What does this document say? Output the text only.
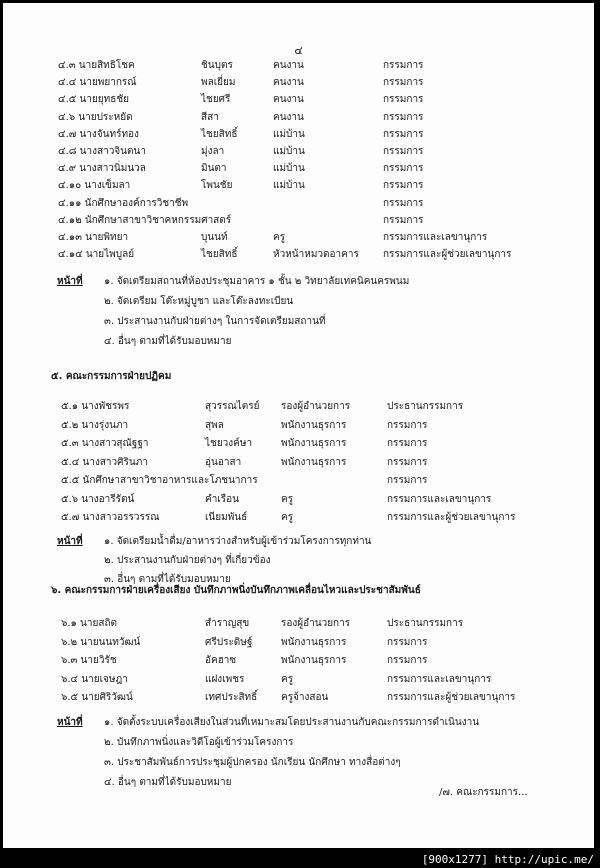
๔
๔.๓ นายสิทธิโชค	ชินบุตร	คนงาน	กรรมการ
๔.๔ นายพยากรณ์	พลเยี่ยม	คนงาน	กรรมการ
๔.๕ นายยุทธชัย	ไชยศรี	คนงาน	กรรมการ
๔.๖ นายประหยัด	สีสา	คนงาน	กรรมการ
๔.๗ นางจันทร์ทอง	ไชยสิทธิ์	แม่บ้าน	กรรมการ
๔.๘ นางสาวจินตนา	มุ่งลา	แม่บ้าน	กรรมการ
๔.๙ นางสาวนิ่มนวล	มินตา	แม่บ้าน	กรรมการ
๔.๑๐ นางเข็มลา	โพนชัย	แม่บ้าน	กรรมการ
๔.๑๑ นักศึกษาองค์การวิชาชีพ	กรรมการ
๔.๑๒ นักศึกษาสาขาวิชาคหกรรมศาสตร์	กรรมการ
๔.๑๓ นายพิทยา	บุนนท์	ครู	กรรมการและเลขานุการ
๔.๑๔ นายไพบูลย์	ไชยสิทธิ์	หัวหน้าหมวดอาคาร กรรมการและผู้ช่วยเลขานุการ
หน้าที่ ๑. จัดเตรียมสถานที่ห้องประชุมอาคาร ๑ ชั้น ๒ วิทยาลัยเทคนิคนครพนม
๒. จัดเตรียม โต๊ะหมู่บูชา และโต๊ะลงทะเบียน
๓. ประสานงานกับฝ่ายต่างๆ ในการจัดเตรียมสถานที่
๔. อื่นๆ ตามที่ได้รับมอบหมาย
๕. คณะกรรมการฝ่ายปฏิคม
๕.๑ นางพัชรพร	สุวรรณไตรย์ รองผู้อำนวยการ	ประธานกรรมการ
๕.๒ นางรุ่งนภา	สุพล	พนักงานธุรการ	กรรมการ
๕.๓ นางสาวสุณัฐฐา	ไชยวงค์ษา	พนักงานธุรการ	กรรมการ
๕.๔ นางสาวศิรินภา	อุ่นอาสา	พนักงานธุรการ	กรรมการ
๕.๕ นักศึกษาสาขาวิชาอาหารและโภชนาการ	กรรมการ
๕.๖ นางอารีรัตน์	คำเรือน	ครู	กรรมการและเลขานุการ
๕.๗ นางสาวอรรวรรณ	เนียมพันธ์	ครู	กรรมการและผู้ช่วยเลขานุการ
หน้าที่ ๑. จัดเตรียมน้ำดื่ม/อาหารว่างสำหรับผู้เข้าร่วมโครงการทุกท่าน
๒. ประสานงานกับฝ่ายต่างๆ ที่เกี่ยวข้อง
๓. อื่นๆ ตามที่ได้รับมอบหมาย
๖. คณะกรรมการฝ่ายเครื่องเสียง บันทึกภาพนิ่งบันทึกภาพเคลื่อนไหวและประชาสัมพันธ์
๖.๑ นายสถิต	สำราญสุข	รองผู้อำนวยการ	ประธานกรรมการ
๖.๒ นายนนทวัฒน์	ศรีประดิษฐ์	พนักงานธุรการ	กรรมการ
๖.๓ นายวิรัช	อัคฮาซ	พนักงานธุรการ	กรรมการ
๖.๔ นายเจษฎา	แฝงเพชร	ครู	กรรมการและเลขานุการ
๖.๕ นายศิริวัฒน์	เทศประสิทธิ์ ครูจ้างสอน	กรรมการและผู้ช่วยเลขานุการ
หน้าที่ ๑. จัดตั้งระบบเครื่องเสียงในส่วนที่เหมาะสมโดยประสานงานกับคณะกรรมการดำเนินงาน
๒. บันทึกภาพนิ่งและวิดีโอผู้เข้าร่วมโครงการ
๓. ประชาสัมพันธ์การประชุมผู้ปกครอง นักเรียน นักศึกษา ทางสื่อต่างๆ
๔. อื่นๆ ตามที่ได้รับมอบหมาย
/๗. คณะกรรมการ...
[900x1277] http://upic.me/
